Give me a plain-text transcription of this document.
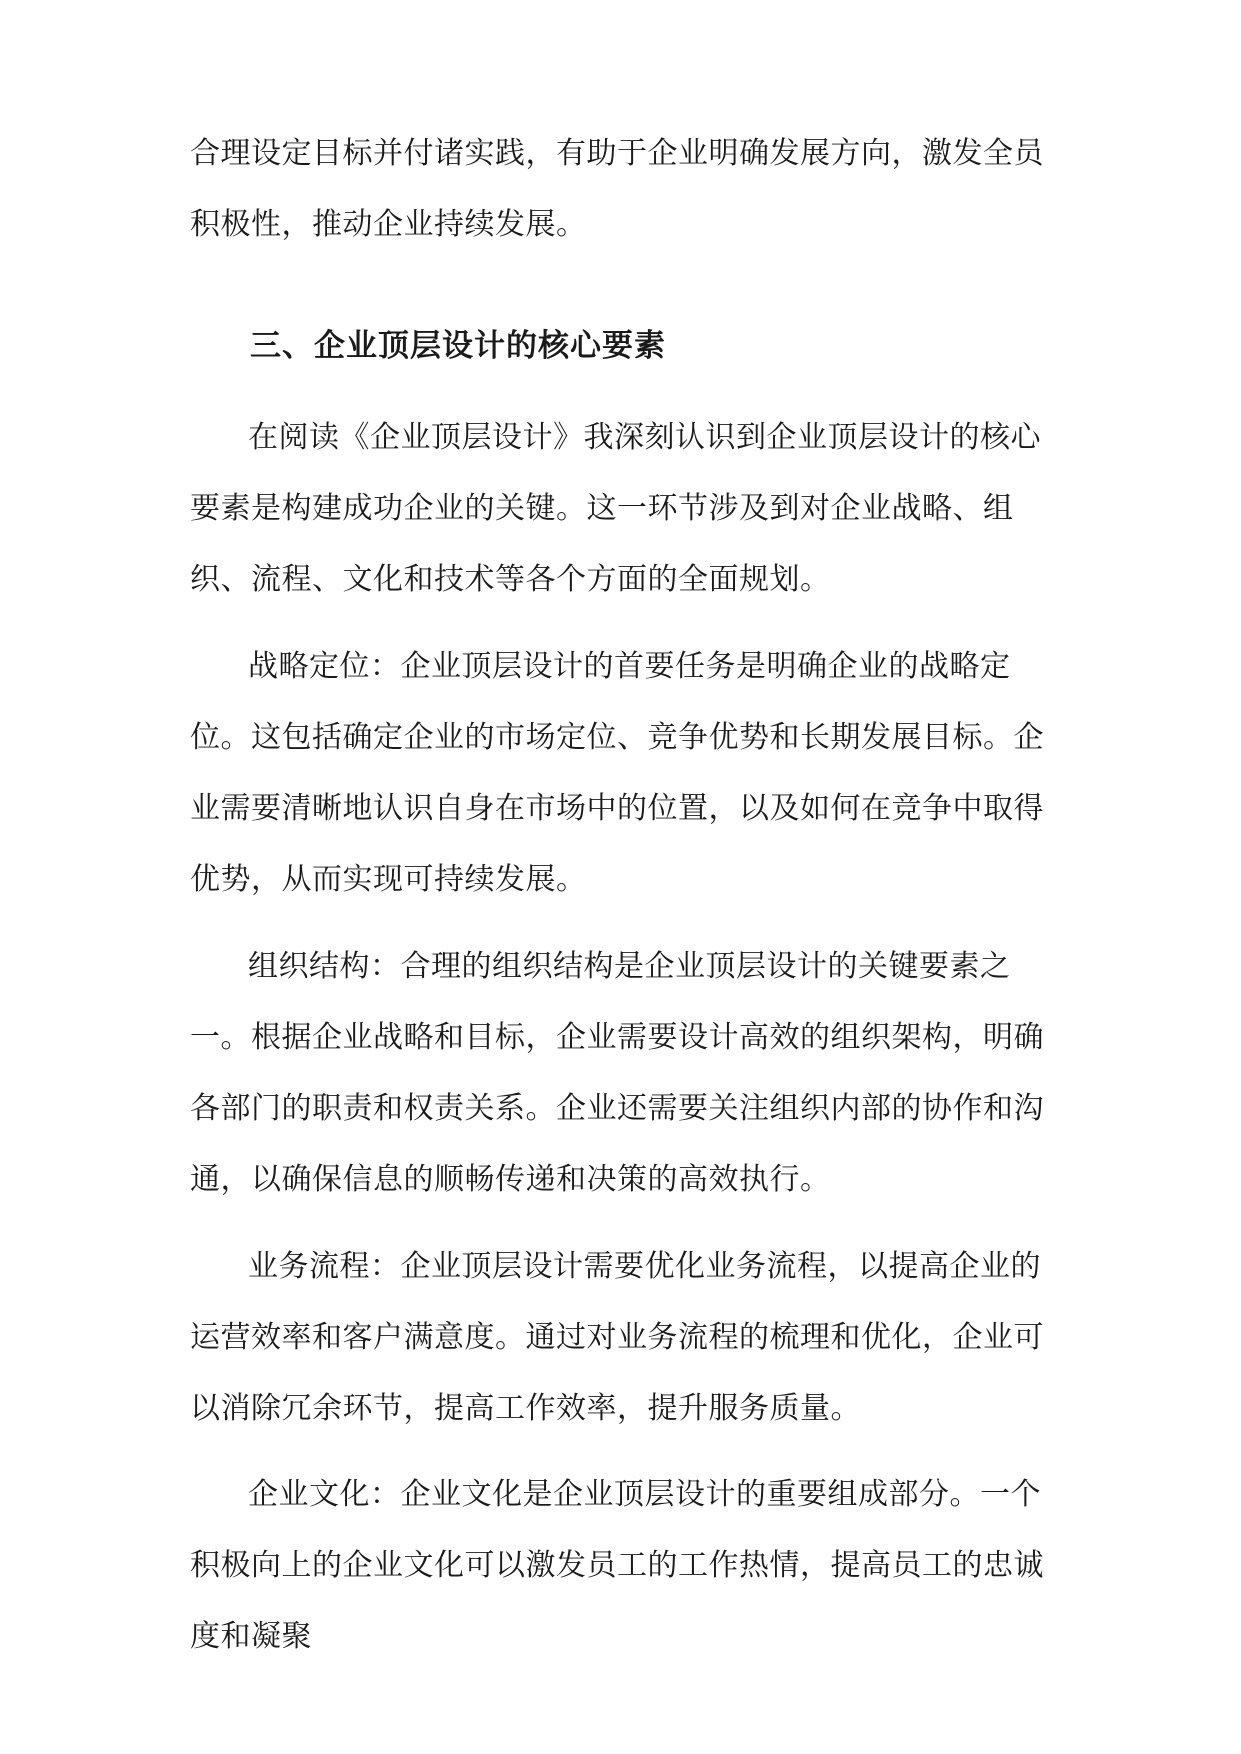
合理设定目标并付诸实践，有助于企业明确发展方向，激发全员积极性，推动企业持续发展。

三、企业顶层设计的核心要素

在阅读《企业顶层设计》我深刻认识到企业顶层设计的核心要素是构建成功企业的关键。这一环节涉及到对企业战略、组织、流程、文化和技术等各个方面的全面规划。

战略定位：企业顶层设计的首要任务是明确企业的战略定位。这包括确定企业的市场定位、竞争优势和长期发展目标。企业需要清晰地认识自身在市场中的位置，以及如何在竞争中取得优势，从而实现可持续发展。

组织结构：合理的组织结构是企业顶层设计的关键要素之一。根据企业战略和目标，企业需要设计高效的组织架构，明确各部门的职责和权责关系。企业还需要关注组织内部的协作和沟通，以确保信息的顺畅传递和决策的高效执行。

业务流程：企业顶层设计需要优化业务流程，以提高企业的运营效率和客户满意度。通过对业务流程的梳理和优化，企业可以消除冗余环节，提高工作效率，提升服务质量。

企业文化：企业文化是企业顶层设计的重要组成部分。一个积极向上的企业文化可以激发员工的工作热情，提高员工的忠诚度和凝聚
